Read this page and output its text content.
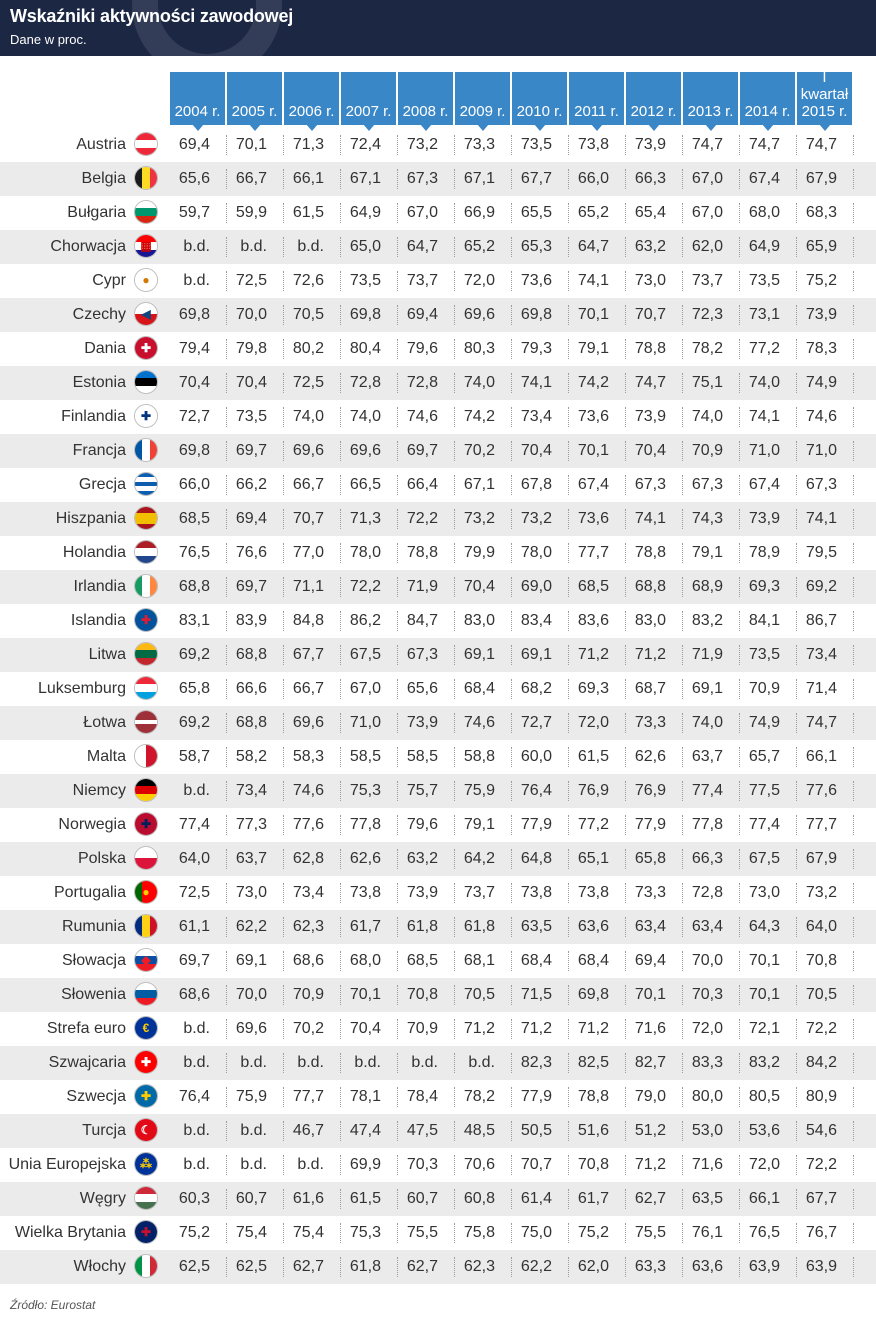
Wskaźniki aktywności zawodowej
Dane w proc.
2004 r. 2005 r. 2006 r. 2007 r. 2008 r. 2009 r. 2010 r. 2011 r. 2012 r. 2013 r. 2014 r.
I kwartał
2015 r.
Austria	69,4	70,1	71,3	72,4	73,2	73,3	73,5	73,8	73,9	74,7	74,7	74,7
Belgia	65,6	66,7	66,1	67,1	67,3	67,1	67,7	66,0	66,3	67,0	67,4	67,9
Bułgaria	59,7	59,9	61,5	64,9	67,0	66,9	65,5	65,2	65,4	67,0	68,0	68,3
Chorwacja	▦	b.d.	b.d.	b.d.	65,0	64,7	65,2	65,3	64,7	63,2	62,0	64,9	65,9
Cypr	●	b.d.	72,5	72,6	73,5	73,7	72,0	73,6	74,1	73,0	73,7	73,5	75,2
Czechy	◀	69,8	70,0	70,5	69,8	69,4	69,6	69,8	70,1	70,7	72,3	73,1	73,9
Dania	✚	79,4	79,8	80,2	80,4	79,6	80,3	79,3	79,1	78,8	78,2	77,2	78,3
Estonia	70,4	70,4	72,5	72,8	72,8	74,0	74,1	74,2	74,7	75,1	74,0	74,9
Finlandia	✚	72,7	73,5	74,0	74,0	74,6	74,2	73,4	73,6	73,9	74,0	74,1	74,6
Francja	69,8	69,7	69,6	69,6	69,7	70,2	70,4	70,1	70,4	70,9	71,0	71,0
Grecja	66,0	66,2	66,7	66,5	66,4	67,1	67,8	67,4	67,3	67,3	67,4	67,3
Hiszpania	68,5	69,4	70,7	71,3	72,2	73,2	73,2	73,6	74,1	74,3	73,9	74,1
Holandia	76,5	76,6	77,0	78,0	78,8	79,9	78,0	77,7	78,8	79,1	78,9	79,5
Irlandia	68,8	69,7	71,1	72,2	71,9	70,4	69,0	68,5	68,8	68,9	69,3	69,2
Islandia	✚	83,1	83,9	84,8	86,2	84,7	83,0	83,4	83,6	83,0	83,2	84,1	86,7
Litwa	69,2	68,8	67,7	67,5	67,3	69,1	69,1	71,2	71,2	71,9	73,5	73,4
Luksemburg	65,8	66,6	66,7	67,0	65,6	68,4	68,2	69,3	68,7	69,1	70,9	71,4
Łotwa	69,2	68,8	69,6	71,0	73,9	74,6	72,7	72,0	73,3	74,0	74,9	74,7
Malta	58,7	58,2	58,3	58,5	58,5	58,8	60,0	61,5	62,6	63,7	65,7	66,1
Niemcy	b.d.	73,4	74,6	75,3	75,7	75,9	76,4	76,9	76,9	77,4	77,5	77,6
Norwegia	✚	77,4	77,3	77,6	77,8	79,6	79,1	77,9	77,2	77,9	77,8	77,4	77,7
Polska	64,0	63,7	62,8	62,6	63,2	64,2	64,8	65,1	65,8	66,3	67,5	67,9
Portugalia	●	72,5	73,0	73,4	73,8	73,9	73,7	73,8	73,8	73,3	72,8	73,0	73,2
Rumunia	61,1	62,2	62,3	61,7	61,8	61,8	63,5	63,6	63,4	63,4	64,3	64,0
Słowacja	◆	69,7	69,1	68,6	68,0	68,5	68,1	68,4	68,4	69,4	70,0	70,1	70,8
Słowenia	68,6	70,0	70,9	70,1	70,8	70,5	71,5	69,8	70,1	70,3	70,1	70,5
Strefa euro	€	b.d.	69,6	70,2	70,4	70,9	71,2	71,2	71,2	71,6	72,0	72,1	72,2
Szwajcaria	✚	b.d.	b.d.	b.d.	b.d.	b.d.	b.d.	82,3	82,5	82,7	83,3	83,2	84,2
Szwecja	✚	76,4	75,9	77,7	78,1	78,4	78,2	77,9	78,8	79,0	80,0	80,5	80,9
Turcja	☾	b.d.	b.d.	46,7	47,4	47,5	48,5	50,5	51,6	51,2	53,0	53,6	54,6
Unia Europejska	⁂	b.d.	b.d.	b.d.	69,9	70,3	70,6	70,7	70,8	71,2	71,6	72,0	72,2
Węgry	60,3	60,7	61,6	61,5	60,7	60,8	61,4	61,7	62,7	63,5	66,1	67,7
Wielka Brytania	✚	75,2	75,4	75,4	75,3	75,5	75,8	75,0	75,2	75,5	76,1	76,5	76,7
Włochy	62,5	62,5	62,7	61,8	62,7	62,3	62,2	62,0	63,3	63,6	63,9	63,9
Źródło: Eurostat
